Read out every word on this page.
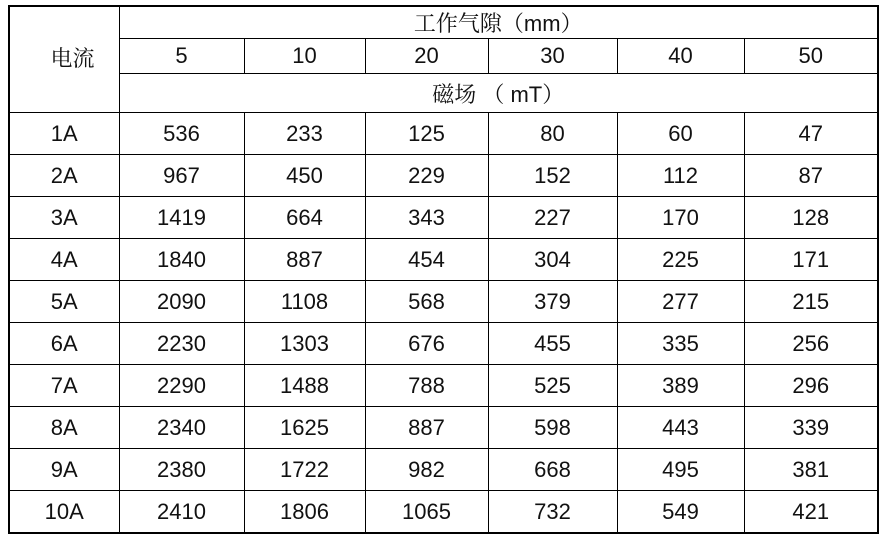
电流	工作气隙（mm）					
	5	10	20	30	40	50
	磁场 （ mT）					
1A	536	233	125	80	60	47
2A	967	450	229	152	112	87
3A	1419	664	343	227	170	128
4A	1840	887	454	304	225	171
5A	2090	1108	568	379	277	215
6A	2230	1303	676	455	335	256
7A	2290	1488	788	525	389	296
8A	2340	1625	887	598	443	339
9A	2380	1722	982	668	495	381
10A	2410	1806	1065	732	549	421
